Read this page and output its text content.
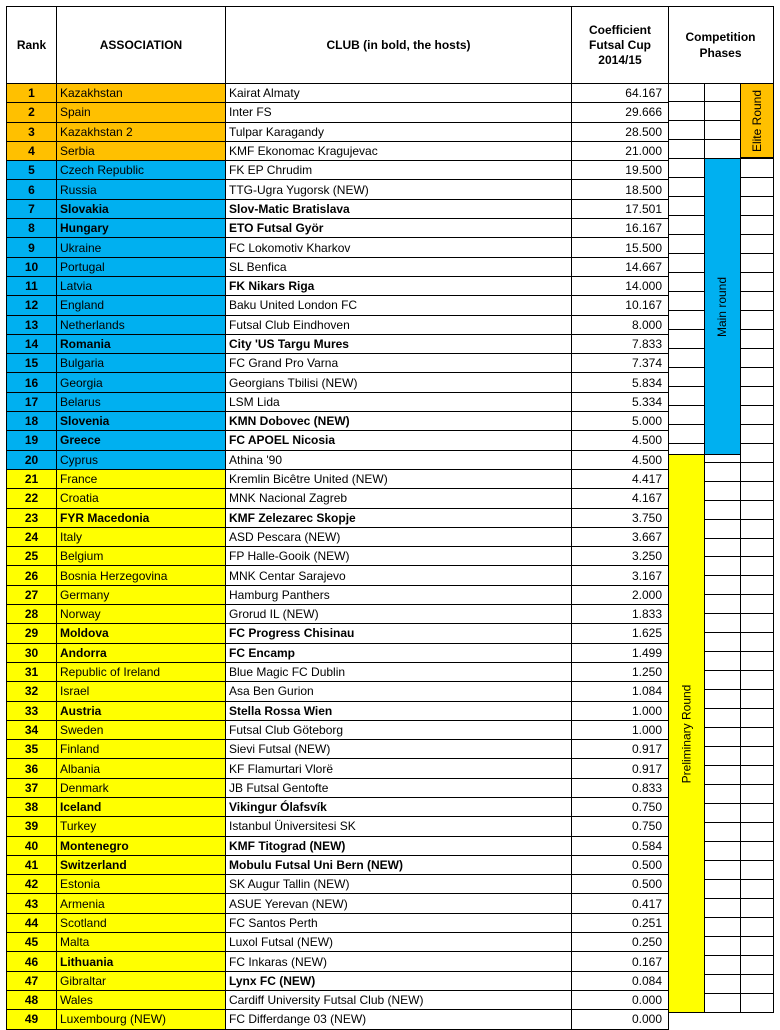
Rank	ASSOCIATION	CLUB (in bold, the hosts)	Coefficient Futsal Cup 2014/15
1	Kazakhstan	Kairat Almaty	64.167
2	Spain	Inter FS	29.666
3	Kazakhstan 2	Tulpar Karagandy	28.500
4	Serbia	KMF Ekonomac Kragujevac	21.000
5	Czech Republic	FK EP Chrudim	19.500
6	Russia	TTG-Ugra Yugorsk (NEW)	18.500
7	Slovakia	Slov-Matic Bratislava	17.501
8	Hungary	ETO Futsal Györ	16.167
9	Ukraine	FC Lokomotiv Kharkov	15.500
10	Portugal	SL Benfica	14.667
11	Latvia	FK Nikars Riga	14.000
12	England	Baku United London FC	10.167
13	Netherlands	Futsal Club Eindhoven	8.000
14	Romania	City 'US Targu Mures	7.833
15	Bulgaria	FC Grand Pro Varna	7.374
16	Georgia	Georgians Tbilisi (NEW)	5.834
17	Belarus	LSM Lida	5.334
18	Slovenia	KMN Dobovec (NEW)	5.000
19	Greece	FC APOEL Nicosia	4.500
20	Cyprus	Athina '90	4.500
21	France	Kremlin Bicêtre United (NEW)	4.417
22	Croatia	MNK Nacional Zagreb	4.167
23	FYR Macedonia	KMF Zelezarec Skopje	3.750
24	Italy	ASD Pescara (NEW)	3.667
25	Belgium	FP Halle-Gooik (NEW)	3.250
26	Bosnia Herzegovina	MNK Centar Sarajevo	3.167
27	Germany	Hamburg Panthers	2.000
28	Norway	Grorud IL (NEW)	1.833
29	Moldova	FC Progress Chisinau	1.625
30	Andorra	FC Encamp	1.499
31	Republic of Ireland	Blue Magic FC Dublin	1.250
32	Israel	Asa Ben Gurion	1.084
33	Austria	Stella Rossa Wien	1.000
34	Sweden	Futsal Club Göteborg	1.000
35	Finland	Sievi Futsal (NEW)	0.917
36	Albania	KF Flamurtari Vlorë	0.917
37	Denmark	JB Futsal Gentofte	0.833
38	Iceland	Vikingur Ólafsvík	0.750
39	Turkey	Istanbul Üniversitesi SK	0.750
40	Montenegro	KMF Titograd (NEW)	0.584
41	Switzerland	Mobulu Futsal Uni Bern (NEW)	0.500
42	Estonia	SK Augur Tallin (NEW)	0.500
43	Armenia	ASUE Yerevan (NEW)	0.417
44	Scotland	FC Santos Perth	0.251
45	Malta	Luxol Futsal (NEW)	0.250
46	Lithuania	FC Inkaras (NEW)	0.167
47	Gibraltar	Lynx FC (NEW)	0.084
48	Wales	Cardiff University Futsal Club (NEW)	0.000
49	Luxembourg (NEW)	FC Differdange 03 (NEW)	0.000
Competition Phases
Elite Round
Main round
Preliminary Round
